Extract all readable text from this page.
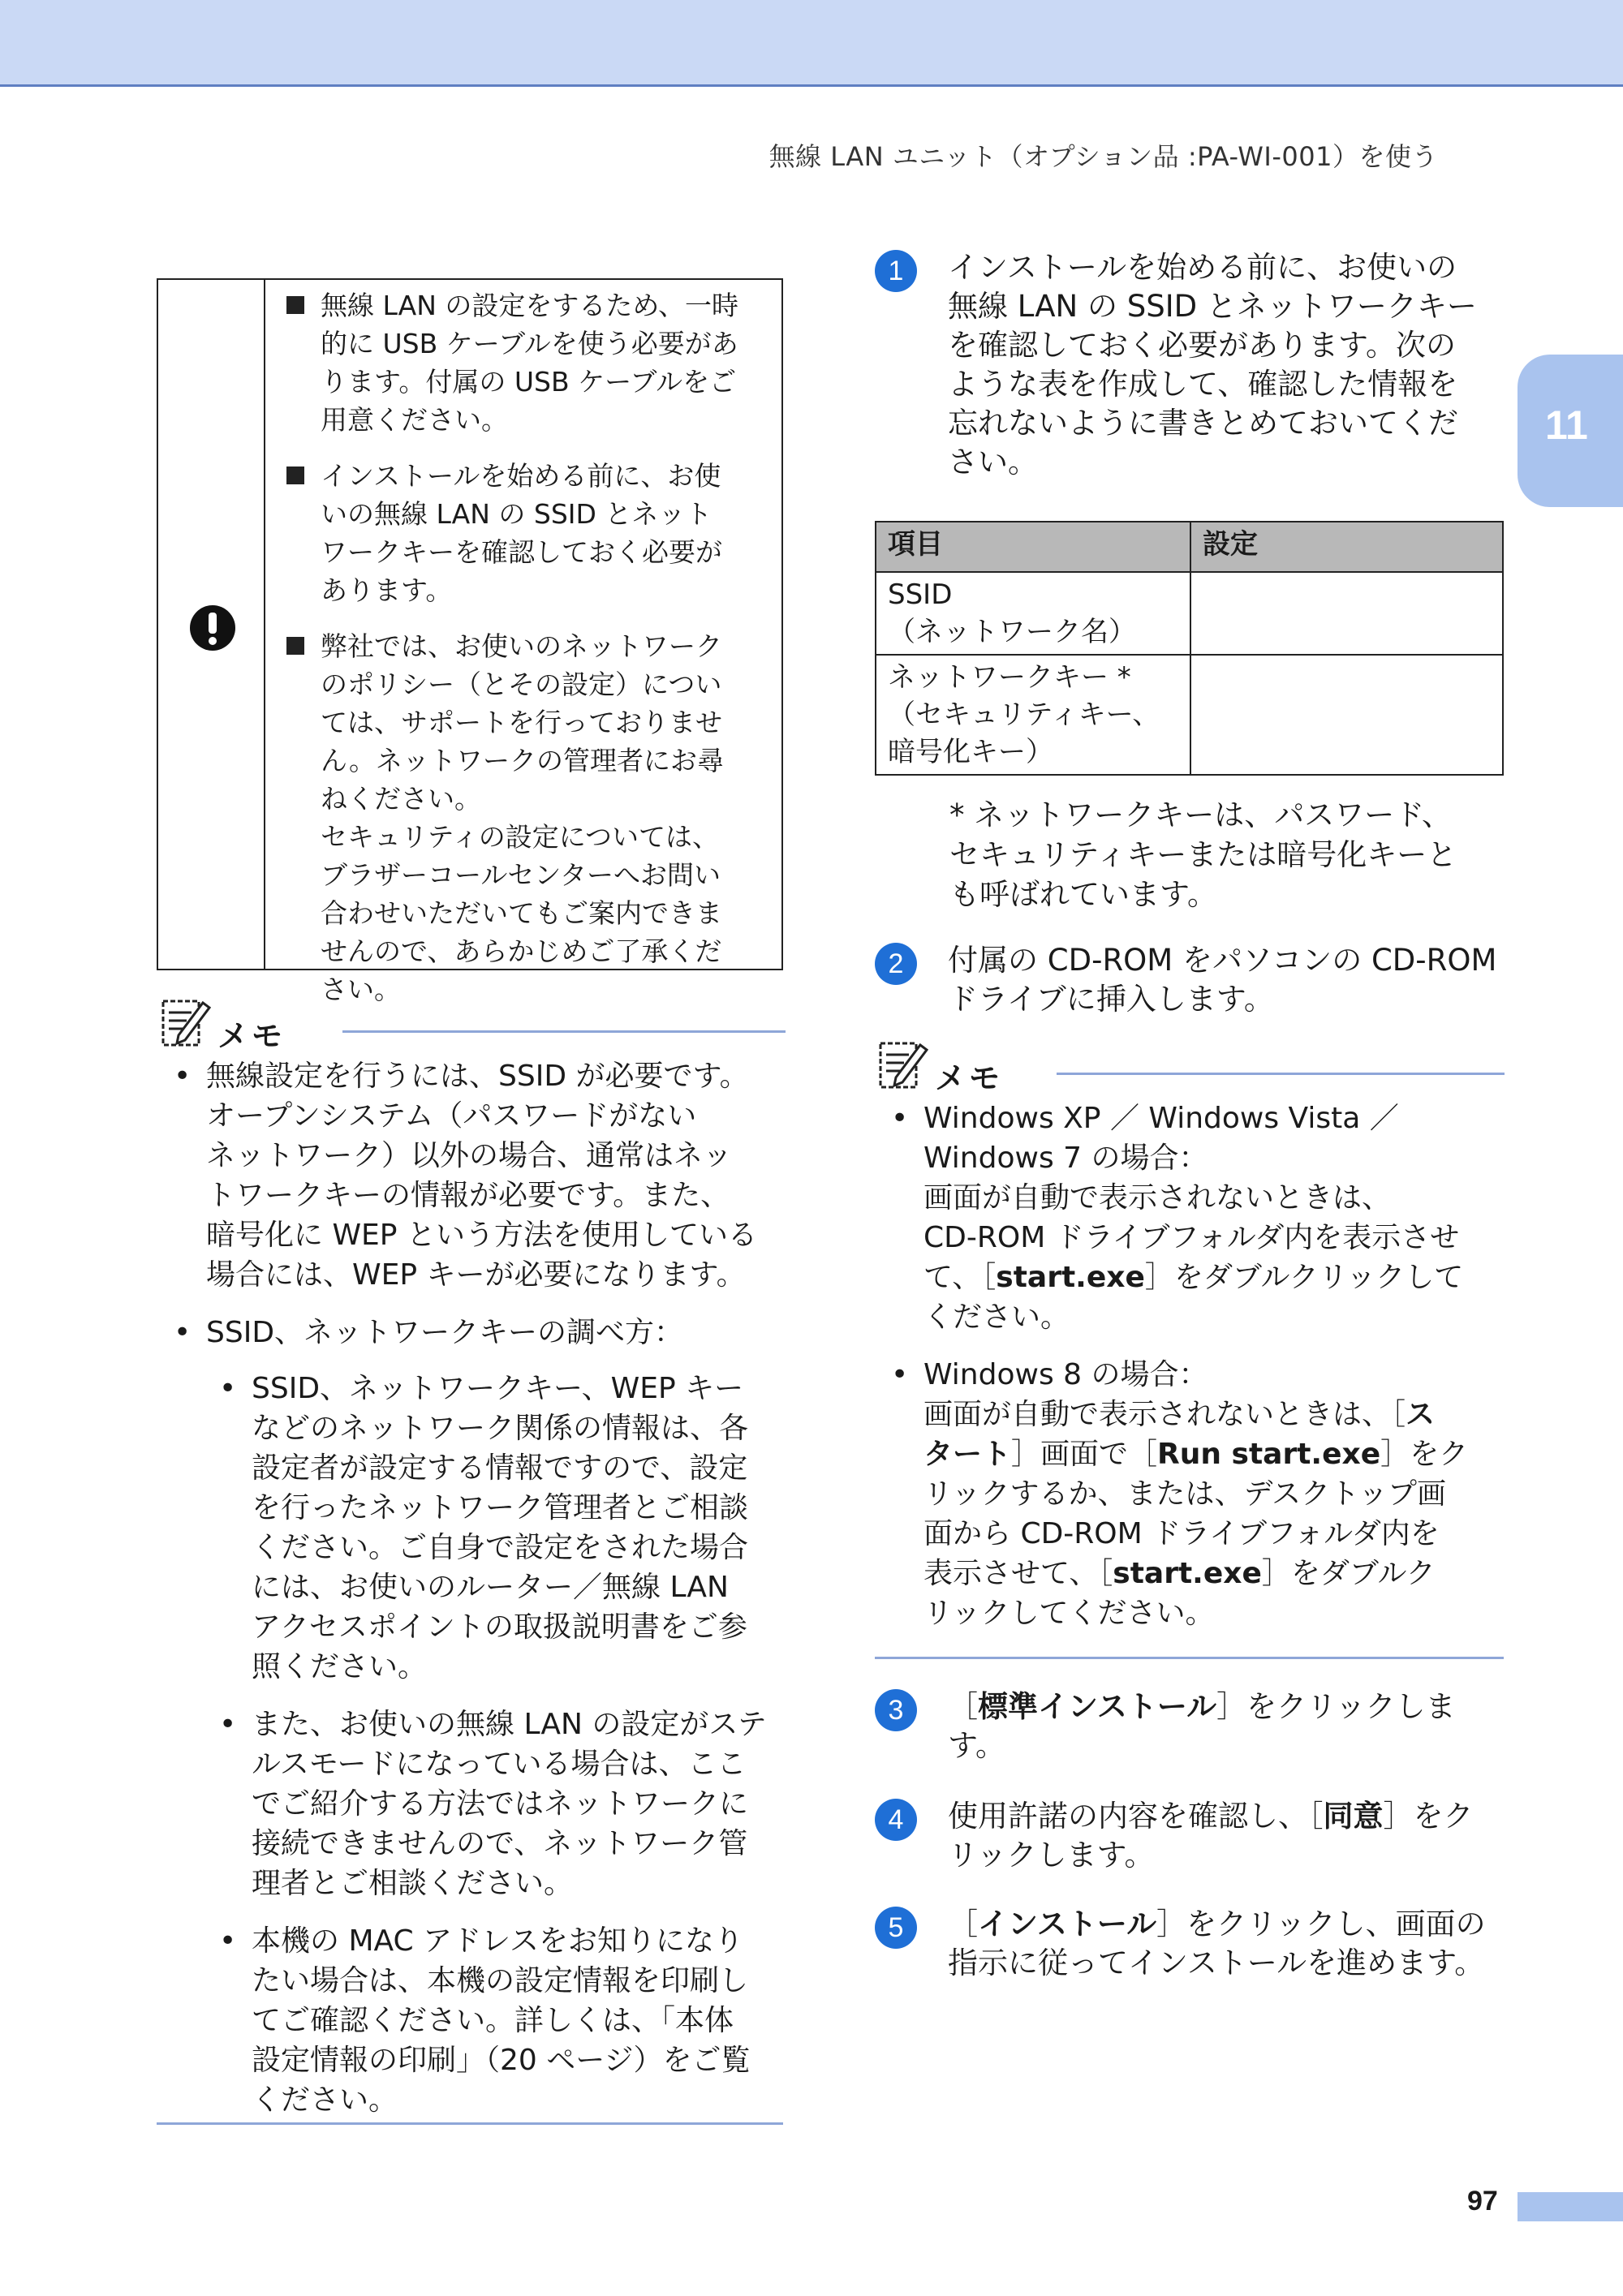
無線 LAN ユニット（オプション品 :PA-WI-001）を使う
11

無線 LAN の設定をするため、一時

的に USB ケーブルを使う必要があ

ります。付属の USB ケーブルをご

用意ください。

インストールを始める前に、お使

いの無線 LAN の SSID とネット

ワークキーを確認しておく必要が

あります。

弊社では、お使いのネットワーク

のポリシー（とその設定）につい

ては、サポートを行っておりませ

ん。ネットワークの管理者にお尋

ねください。

セキュリティの設定については、

ブラザーコールセンターへお問い

合わせいただいてもご案内できま

せんので、あらかじめご了承くだ

さい。

メモ
• 無線設定を行うには、SSID が必要です。
オープンシステム（パスワードがない
ネットワーク）以外の場合、通常はネッ
トワークキーの情報が必要です。また、
暗号化に WEP という方法を使用している
場合には、WEP キーが必要になります。
• SSID、ネットワークキーの調べ方：
• SSID、ネットワークキー、WEP キー
などのネットワーク関係の情報は、各
設定者が設定する情報ですので、設定
を行ったネットワーク管理者とご相談
ください。ご自身で設定をされた場合
には、お使いのルーター／無線 LAN
アクセスポイントの取扱説明書をご参
照ください。
• また、お使いの無線 LAN の設定がステ
ルスモードになっている場合は、ここ
でご紹介する方法ではネットワークに
接続できませんので、ネットワーク管
理者とご相談ください。
• 本機の MAC アドレスをお知りになり
たい場合は、本機の設定情報を印刷し
てご確認ください。詳しくは、「本体
設定情報の印刷」（20 ページ）をご覧
ください。
1	インストールを始める前に、お使いの
無線 LAN の SSID とネットワークキー
を確認しておく必要があります。次の
ような表を作成して、確認した情報を
忘れないように書きとめておいてくだ
さい。
項目	設定

SSID
（ネットワーク名）	

ネットワークキー *
（セキュリティキー、
暗号化キー）	

* ネットワークキーは、パスワード、
セキュリティキーまたは暗号化キーと
も呼ばれています。
2	付属の CD-ROM をパソコンの CD-ROM
ドライブに挿入します。
メモ
• Windows XP ／ Windows Vista ／
Windows 7 の場合：
画面が自動で表示されないときは、
CD-ROM ドライブフォルダ内を表示させ
て、［start.exe］をダブルクリックして
ください。
• Windows 8 の場合：
画面が自動で表示されないときは、［ス
タート］画面で［Run start.exe］をク
リックするか、または、デスクトップ画
面から CD-ROM ドライブフォルダ内を
表示させて、［start.exe］をダブルク
リックしてください。
3	［標準インストール］をクリックしま
す。
4	使用許諾の内容を確認し、［同意］をク
リックします。
5	［インストール］をクリックし、画面の
指示に従ってインストールを進めます。
97
